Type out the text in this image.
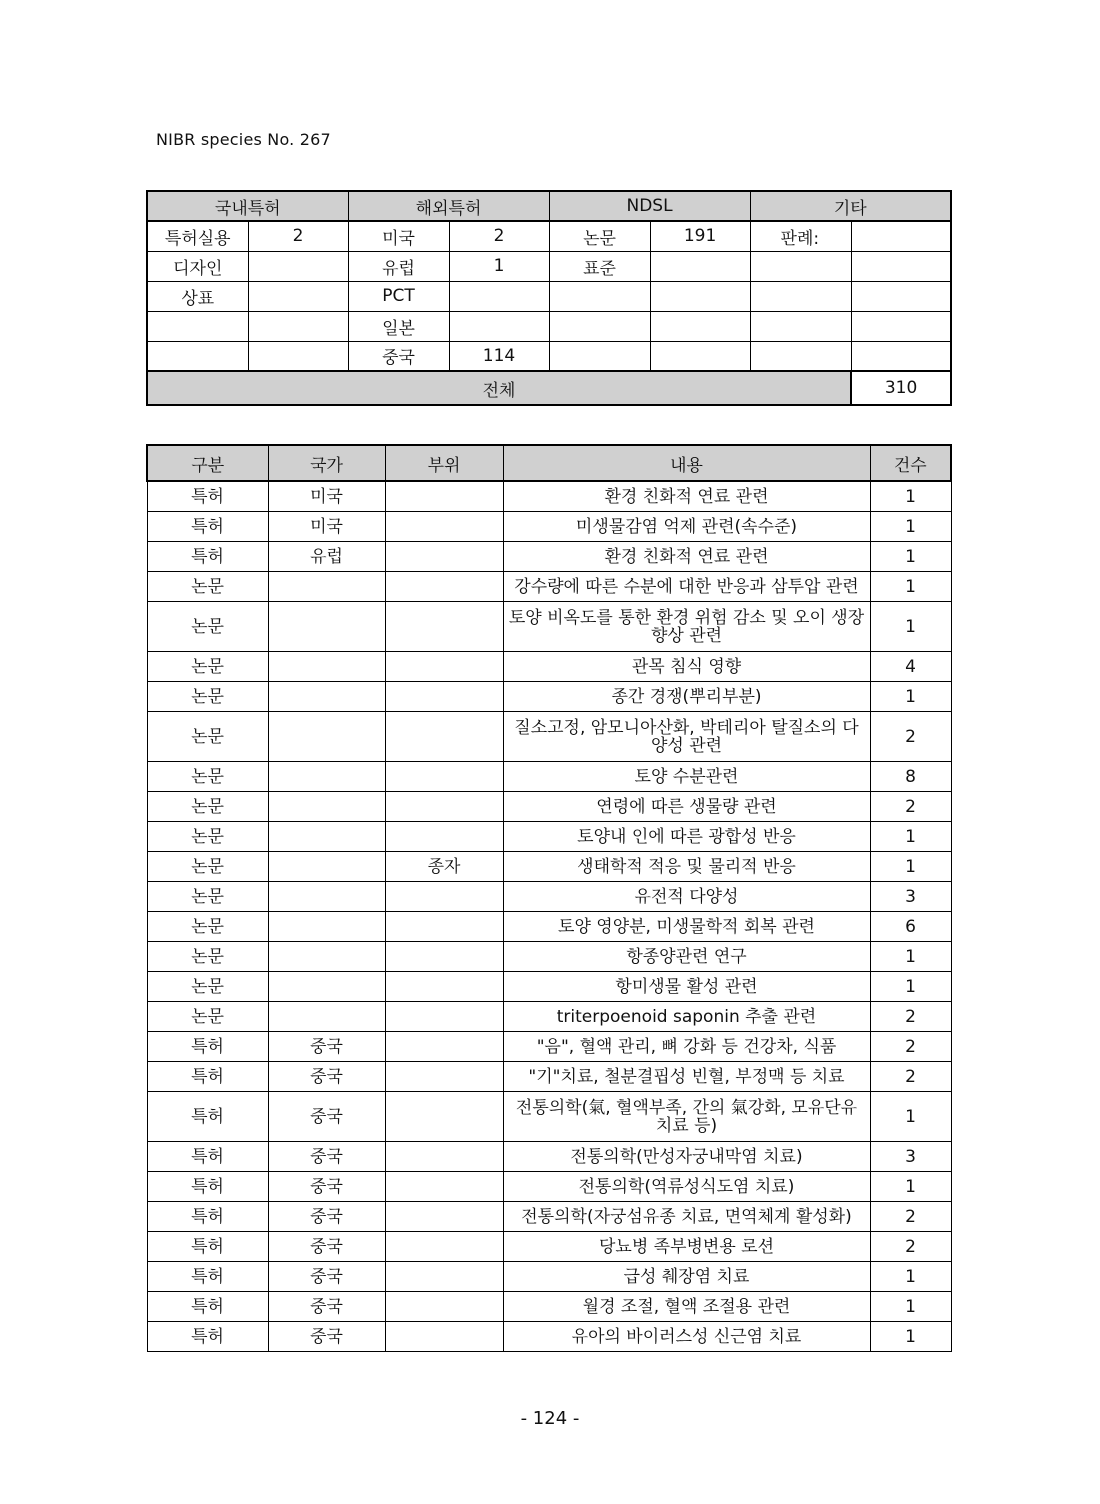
NIBR species No. 267
국내특허		해외특허		NDSL		기타	
특허실용	2	미국	2	논문	191	판례:	
디자인		유럽	1	표준			
상표		PCT					
		일본					
		중국	114				
전체							310
구분	국가	부위	내용	건수
특허	미국		환경 친화적 연료 관련	1
특허	미국		미생물감염 억제 관련(속수준)	1
특허	유럽		환경 친화적 연료 관련	1
논문			강수량에 따른 수분에 대한 반응과 삼투압 관련	1
논문			토양 비옥도를 통한 환경 위험 감소 및 오이 생장 향상 관련	1
논문			관목 침식 영향	4
논문			종간 경쟁(뿌리부분)	1
논문			질소고정, 암모니아산화, 박테리아 탈질소의 다양성 관련	2
논문			토양 수분관련	8
논문			연령에 따른 생물량 관련	2
논문			토양내 인에 따른 광합성 반응	1
논문		종자	생태학적 적응 및 물리적 반응	1
논문			유전적 다양성	3
논문			토양 영양분, 미생물학적 회복 관련	6
논문			항종양관련 연구	1
논문			항미생물 활성 관련	1
논문			triterpoenoid saponin 추출 관련	2
특허	중국		"음", 혈액 관리, 뼈 강화 등 건강차, 식품	2
특허	중국		"기"치료, 철분결핍성 빈혈, 부정맥 등 치료	2
특허	중국		전통의학(氣, 혈액부족, 간의 氣강화, 모유단유 치료 등)	1
특허	중국		전통의학(만성자궁내막염 치료)	3
특허	중국		전통의학(역류성식도염 치료)	1
특허	중국		전통의학(자궁섬유종 치료, 면역체계 활성화)	2
특허	중국		당뇨병 족부병변용 로션	2
특허	중국		급성 췌장염 치료	1
특허	중국		월경 조절, 혈액 조절용 관련	1
특허	중국		유아의 바이러스성 신근염 치료	1
- 124 -
